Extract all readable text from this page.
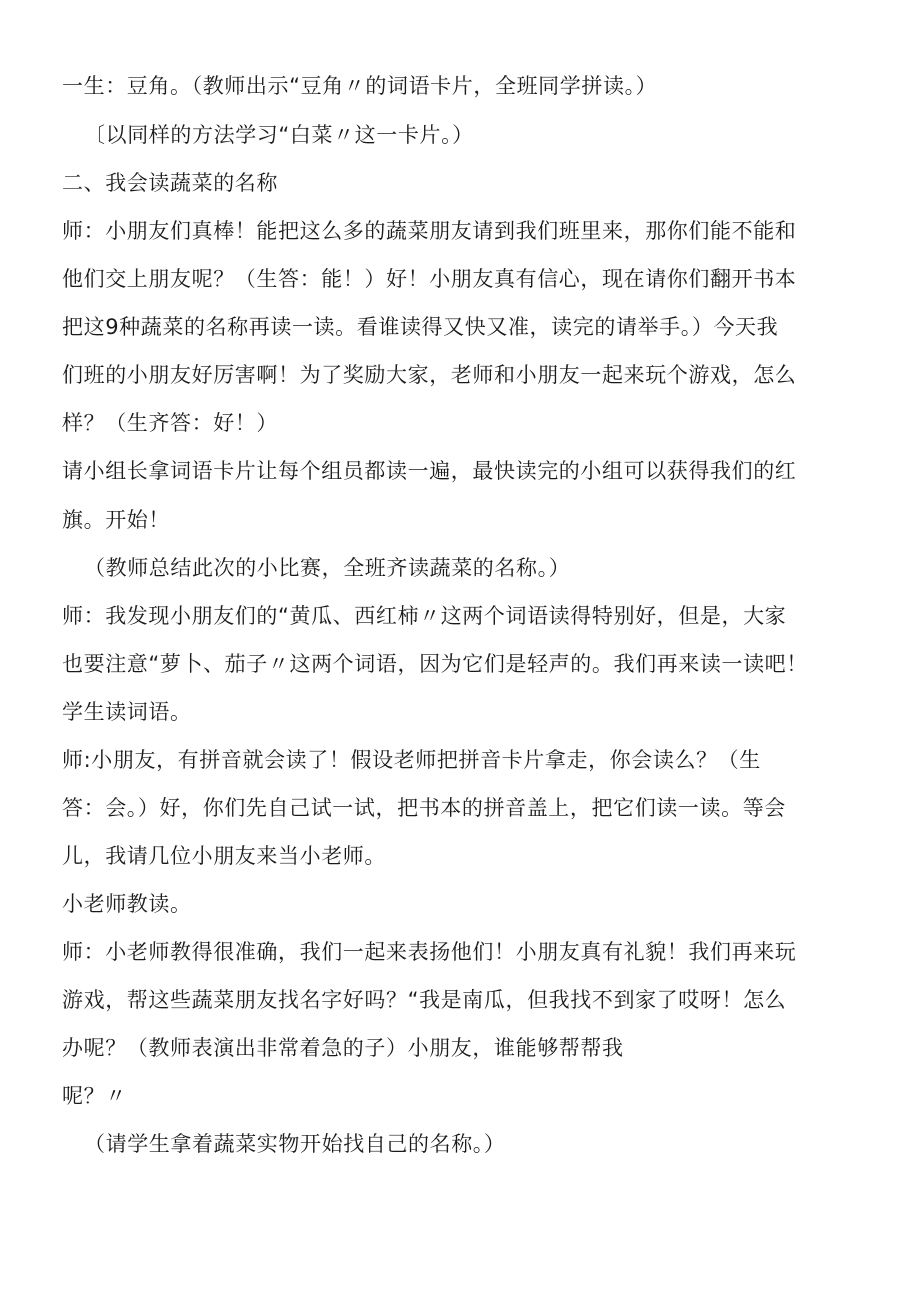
一生：豆角。（教师出示“豆角〃的词语卡片，全班同学拼读。）
〔以同样的方法学习“白菜〃这一卡片。）
二、我会读蔬菜的名称
师：小朋友们真棒！能把这么多的蔬菜朋友请到我们班里来，那你们能不能和
他们交上朋友呢？（生答：能！）好！小朋友真有信心，现在请你们翻开书本
把这9种蔬菜的名称再读一读。看谁读得又快又准，读完的请举手。）今天我
们班的小朋友好厉害啊！为了奖励大家，老师和小朋友一起来玩个游戏，怎么
样？（生齐答：好！）
请小组长拿词语卡片让每个组员都读一遍，最快读完的小组可以获得我们的红
旗。开始！
（教师总结此次的小比赛，全班齐读蔬菜的名称。）
师：我发现小朋友们的“黄瓜、西红柿〃这两个词语读得特别好，但是，大家
也要注意“萝卜、茄子〃这两个词语，因为它们是轻声的。我们再来读一读吧！
学生读词语。
师:小朋友，有拼音就会读了！假设老师把拼音卡片拿走，你会读么？（生
答：会。）好，你们先自己试一试，把书本的拼音盖上，把它们读一读。等会
儿，我请几位小朋友来当小老师。
小老师教读。
师：小老师教得很准确，我们一起来表扬他们！小朋友真有礼貌！我们再来玩
游戏，帮这些蔬菜朋友找名字好吗？“我是南瓜，但我找不到家了哎呀！怎么
办呢？（教师表演出非常着急的子）小朋友，谁能够帮帮我
呢？〃
（请学生拿着蔬菜实物开始找自己的名称。）
